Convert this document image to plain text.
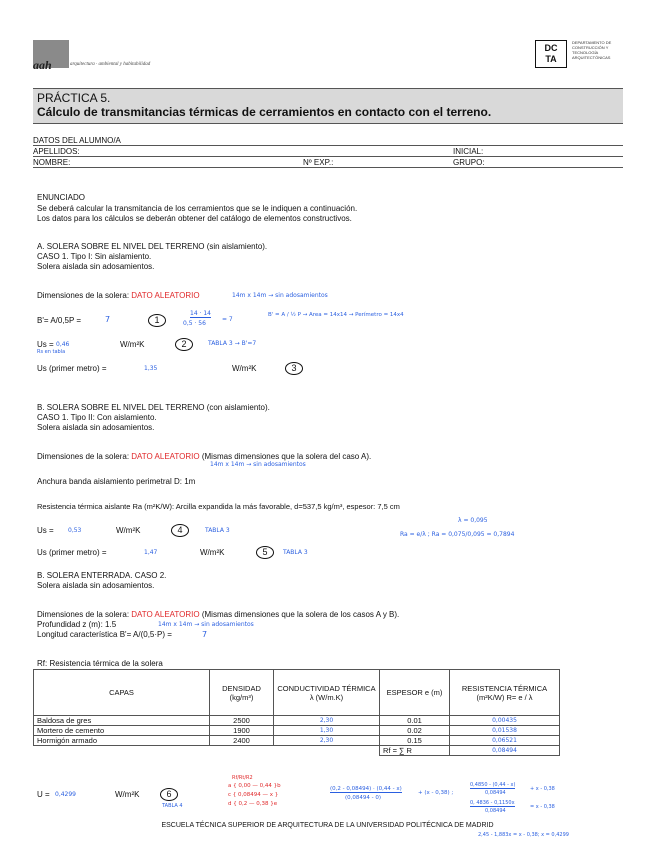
aah	arquitectura · ambiental y habitabilidad
DC
TA
DEPARTAMENTO DE CONSTRUCCIÓN Y TECNOLOGÍA ARQUITECTÓNICAS
PRÁCTICA 5.
Cálculo de transmitancias térmicas de cerramientos en contacto con el terreno.
DATOS DEL ALUMNO/A
APELLIDOS:	INICIAL:
NOMBRE:	Nº EXP.:	GRUPO:
ENUNCIADO
Se deberá calcular la transmitancia de los cerramientos que se le indiquen a continuación.
Los datos para los cálculos se deberán obtener del catálogo de elementos constructivos.
A. SOLERA SOBRE EL NIVEL DEL TERRENO (sin aislamiento).
CASO 1. Tipo I: Sin aislamiento.
Solera aislada sin adosamientos.
Dimensiones de la solera: DATO ALEATORIO	14m x 14m → sin adosamientos
B'= A/0,5P =	7	1
14 · 14
0,5 · 56
= 7
B' = A / ½ P → Area = 14x14 → Perímetro = 14x4
Us = 0,46
Rs en tabla
W/m²K	2	TABLA 3 → B'=7
Us (primer metro) =	1,35	W/m²K	3
B. SOLERA SOBRE EL NIVEL DEL TERRENO (con aislamiento).
CASO 1. Tipo II: Con aislamiento.
Solera aislada sin adosamientos.
Dimensiones de la solera: DATO ALEATORIO (Mismas dimensiones que la solera del caso A).
14m x 14m → sin adosamientos
Anchura banda aislamiento perimetral D: 1m
Resistencia térmica aislante Ra (m²K/W): Arcilla expandida la más favorable, d=537,5 kg/m³, espesor: 7,5 cm
λ = 0,095
Ra = e/λ ; Ra = 0,075/0,095 = 0,7894
Us = 0,53	W/m²K	4	TABLA 3
Us (primer metro) =	1,47	W/m²K	5	TABLA 3
B. SOLERA ENTERRADA. CASO 2.
Solera aislada sin adosamientos.
Dimensiones de la solera: DATO ALEATORIO (Mismas dimensiones que la solera de los casos A y B).
Profundidad z (m): 1.5	14m x 14m → sin adosamientos
Longitud característica B'= A/(0,5·P) =	7
Rf: Resistencia térmica de la solera
CAPAS	DENSIDAD (kg/m³)	CONDUCTIVIDAD TÉRMICA λ (W/m.K)	ESPESOR e (m)	RESISTENCIA TÉRMICA (m²K/W) R= e / λ
Baldosa de gres	2500	2,30	0.01	0,00435
Mortero de cemento	1900	1,30	0.02	0,01538
Hormigón armado	2400	2,30	0.15	0,06521
			Rf = ∑ R	0,08494
U = 0,4299	W/m²K	6
TABLA 4
Rf/Rt/R2
a { 0,00 — 0,44 }b
c { 0,08494 — x }
d { 0,2 — 0,38 }e
(0,2 - 0,08494) · (0,44 - x)
(0,08494 - 0)
+ (x - 0,38) ;
0,4850 - (0,44 - x)
0,08494
+ x - 0,38
0, 4836 - 0,1150x
0,08494
= x - 0,38
2,45 - 1,883x = x - 0,38; x = 0,4299
ESCUELA TÉCNICA SUPERIOR DE ARQUITECTURA DE LA UNIVERSIDAD POLITÉCNICA DE MADRID
